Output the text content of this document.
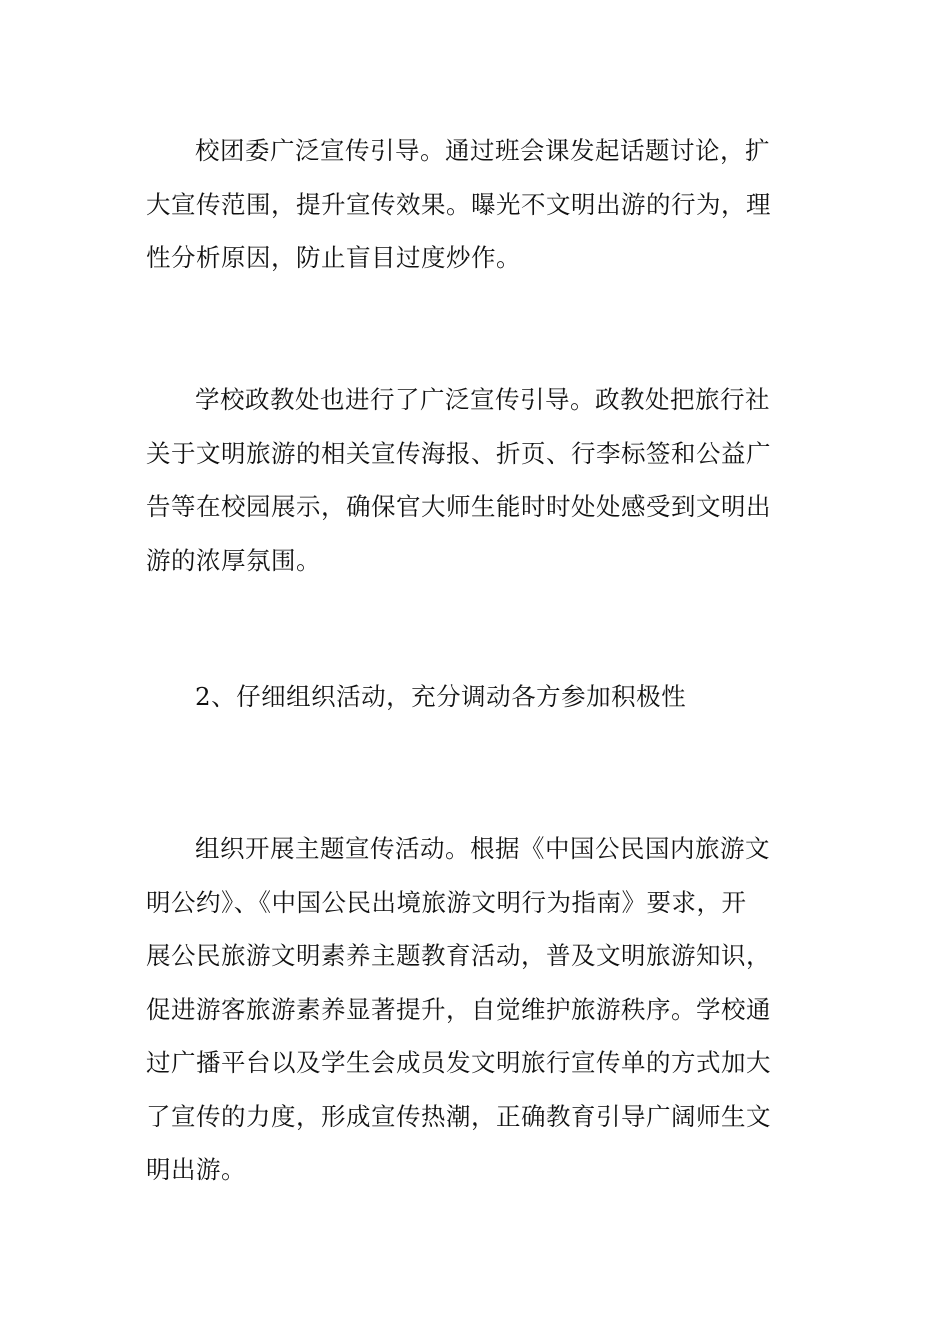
校团委广泛宣传引导。通过班会课发起话题讨论，扩
大宣传范围，提升宣传效果。曝光不文明出游的行为，理
性分析原因，防止盲目过度炒作。
学校政教处也进行了广泛宣传引导。政教处把旅行社
关于文明旅游的相关宣传海报、折页、行李标签和公益广
告等在校园展示，确保官大师生能时时处处感受到文明出
游的浓厚氛围。
2、仔细组织活动，充分调动各方参加积极性
组织开展主题宣传活动。根据《中国公民国内旅游文
明公约》、《中国公民出境旅游文明行为指南》要求，开
展公民旅游文明素养主题教育活动，普及文明旅游知识，
促进游客旅游素养显著提升，自觉维护旅游秩序。学校通
过广播平台以及学生会成员发文明旅行宣传单的方式加大
了宣传的力度，形成宣传热潮，正确教育引导广阔师生文
明出游。
